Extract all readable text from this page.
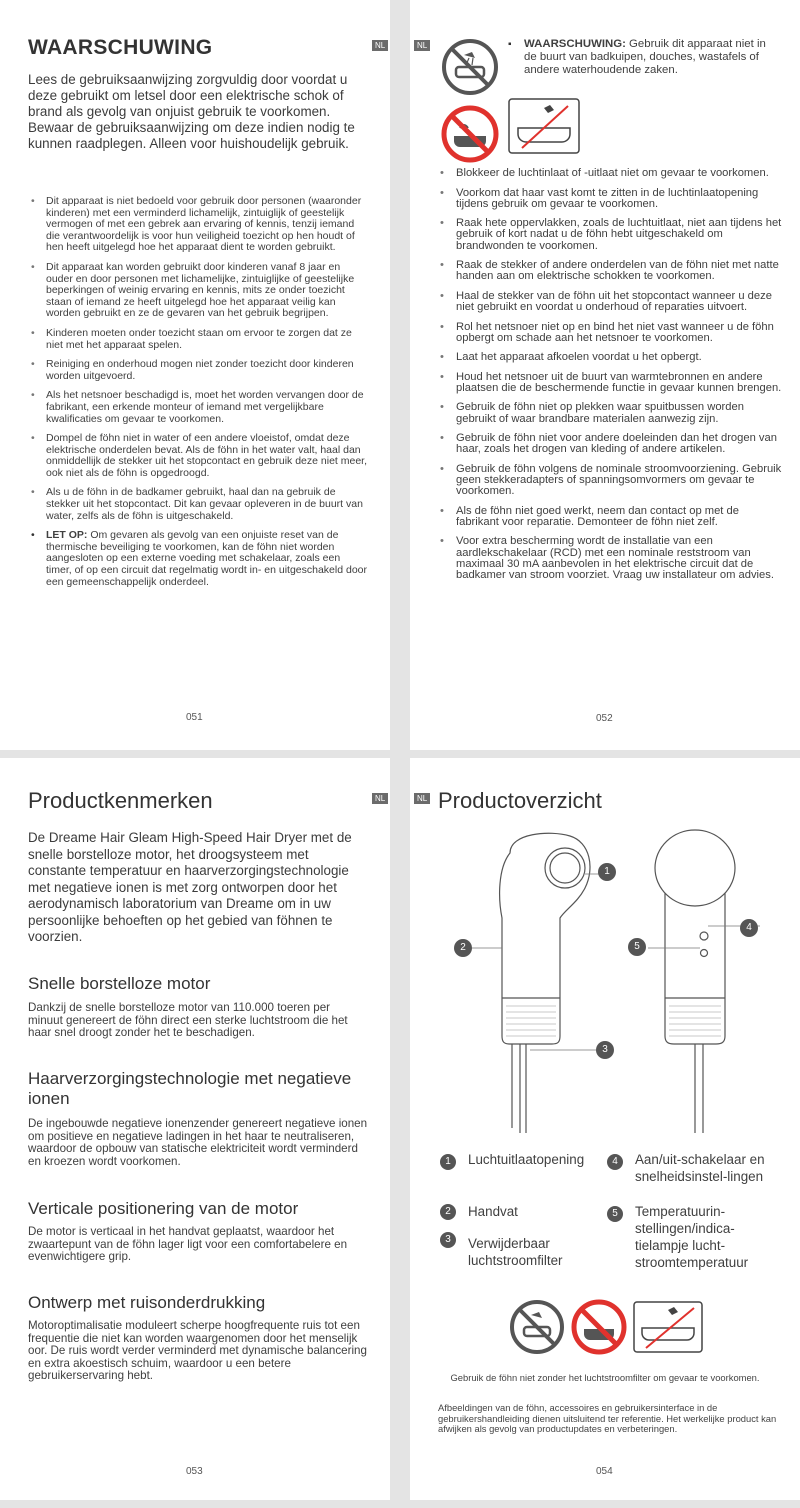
NL
WAARSCHUWING

Lees de gebruiksaanwijzing zorgvuldig door voordat u deze gebruikt om letsel door een elektrische schok of brand als gevolg van onjuist gebruik te voorkomen. Bewaar de gebruiksaanwijzing om deze indien nodig te kunnen raadplegen. Alleen voor huishoudelijk gebruik.

• Dit apparaat is niet bedoeld voor gebruik door personen (waaronder kinderen) met een verminderd lichamelijk, zintuiglijk of geestelijk vermogen of met een gebrek aan ervaring of kennis, tenzij iemand die verantwoordelijk is voor hun veiligheid toezicht op hen houdt of hen heeft uitgelegd hoe het apparaat dient te worden gebruikt.
• Dit apparaat kan worden gebruikt door kinderen vanaf 8 jaar en ouder en door personen met lichamelijke, zintuiglijke of geestelijke beperkingen of weinig ervaring en kennis, mits ze onder toezicht staan of iemand ze heeft uitgelegd hoe het apparaat veilig kan worden gebruikt en ze de gevaren van het gebruik begrijpen.
• Kinderen moeten onder toezicht staan om ervoor te zorgen dat ze niet met het apparaat spelen.
• Reiniging en onderhoud mogen niet zonder toezicht door kinderen worden uitgevoerd.
• Als het netsnoer beschadigd is, moet het worden vervangen door de fabrikant, een erkende monteur of iemand met vergelijkbare kwalificaties om gevaar te voorkomen.
• Dompel de föhn niet in water of een andere vloeistof, omdat deze elektrische onderdelen bevat. Als de föhn in het water valt, haal dan onmiddellijk de stekker uit het stopcontact en gebruik deze niet meer, ook niet als de föhn is opgedroogd.
• Als u de föhn in de badkamer gebruikt, haal dan na gebruik de stekker uit het stopcontact. Dit kan gevaar opleveren in de buurt van water, zelfs als de föhn is uitgeschakeld.
• LET OP: Om gevaren als gevolg van een onjuiste reset van de thermische beveiliging te voorkomen, kan de föhn niet worden aangesloten op een externe voeding met schakelaar, zoals een timer, of op een circuit dat regelmatig wordt in- en uitgeschakeld door een gemeenschappelijk onderdeel.
051
NL

▪	WAARSCHUWING: Gebruik dit apparaat niet in de buurt van badkuipen, douches, wastafels of andere waterhoudende zaken.

• Blokkeer de luchtinlaat of -uitlaat niet om gevaar te voorkomen.
• Voorkom dat haar vast komt te zitten in de luchtinlaatopening tijdens gebruik om gevaar te voorkomen.
• Raak hete oppervlakken, zoals de luchtuitlaat, niet aan tijdens het gebruik of kort nadat u de föhn hebt uitgeschakeld om brandwonden te voorkomen.
• Raak de stekker of andere onderdelen van de föhn niet met natte handen aan om elektrische schokken te voorkomen.
• Haal de stekker van de föhn uit het stopcontact wanneer u deze niet gebruikt en voordat u onderhoud of reparaties uitvoert.
• Rol het netsnoer niet op en bind het niet vast wanneer u de föhn opbergt om schade aan het netsnoer te voorkomen.
• Laat het apparaat afkoelen voordat u het opbergt.
• Houd het netsnoer uit de buurt van warmtebronnen en andere plaatsen die de beschermende functie in gevaar kunnen brengen.
• Gebruik de föhn niet op plekken waar spuitbussen worden gebruikt of waar brandbare materialen aanwezig zijn.
• Gebruik de föhn niet voor andere doeleinden dan het drogen van haar, zoals het drogen van kleding of andere artikelen.
• Gebruik de föhn volgens de nominale stroomvoorziening. Gebruik geen stekkeradapters of spanningsomvormers om gevaar te voorkomen.
• Als de föhn niet goed werkt, neem dan contact op met de fabrikant voor reparatie. Demonteer de föhn niet zelf.
• Voor extra bescherming wordt de installatie van een aardlekschakelaar (RCD) met een nominale reststroom van maximaal 30 mA aanbevolen in het elektrische circuit dat de badkamer van stroom voorziet. Vraag uw installateur om advies.
052
NL
Productkenmerken

De Dreame Hair Gleam High-Speed Hair Dryer met de snelle borstelloze motor, het droogsysteem met constante temperatuur en haarverzorgingstechnologie met negatieve ionen is met zorg ontworpen door het aerodynamisch laboratorium van Dreame om in uw persoonlijke behoeften op het gebied van föhnen te voorzien.

Snelle borstelloze motor

Dankzij de snelle borstelloze motor van 110.000 toeren per minuut genereert de föhn direct een sterke luchtstroom die het haar snel droogt zonder het te beschadigen.

Haarverzorgingstechnologie met negatieve ionen

De ingebouwde negatieve ionenzender genereert negatieve ionen om positieve en negatieve ladingen in het haar te neutraliseren, waardoor de opbouw van statische elektriciteit wordt verminderd en kroezen wordt voorkomen.

Verticale positionering van de motor

De motor is verticaal in het handvat geplaatst, waardoor het zwaartepunt van de föhn lager ligt voor een comfortabelere en evenwichtigere grip.

Ontwerp met ruisonderdrukking

Motoroptimalisatie moduleert scherpe hoogfrequente ruis tot een frequentie die niet kan worden waargenomen door het menselijk oor. De ruis wordt verder verminderd met dynamische balancering en extra akoestisch schuim, waardoor u een betere gebruikerservaring hebt.

053
NL Productoverzicht
1
2
3
4
5
1	Luchtuitlaatopening
2	Handvat
3	Verwijderbaar luchtstroomfilter
4	Aan/uit-schakelaar en snelheidsinstel-lingen
5	Temperatuurin-stellingen/indica-tielampje lucht-stroomtemperatuur

Gebruik de föhn niet zonder het luchtstroomfilter om gevaar te voorkomen.

Afbeeldingen van de föhn, accessoires en gebruikersinterface in de gebruikershandleiding dienen uitsluitend ter referentie. Het werkelijke product kan afwijken als gevolg van productupdates en verbeteringen.

054
